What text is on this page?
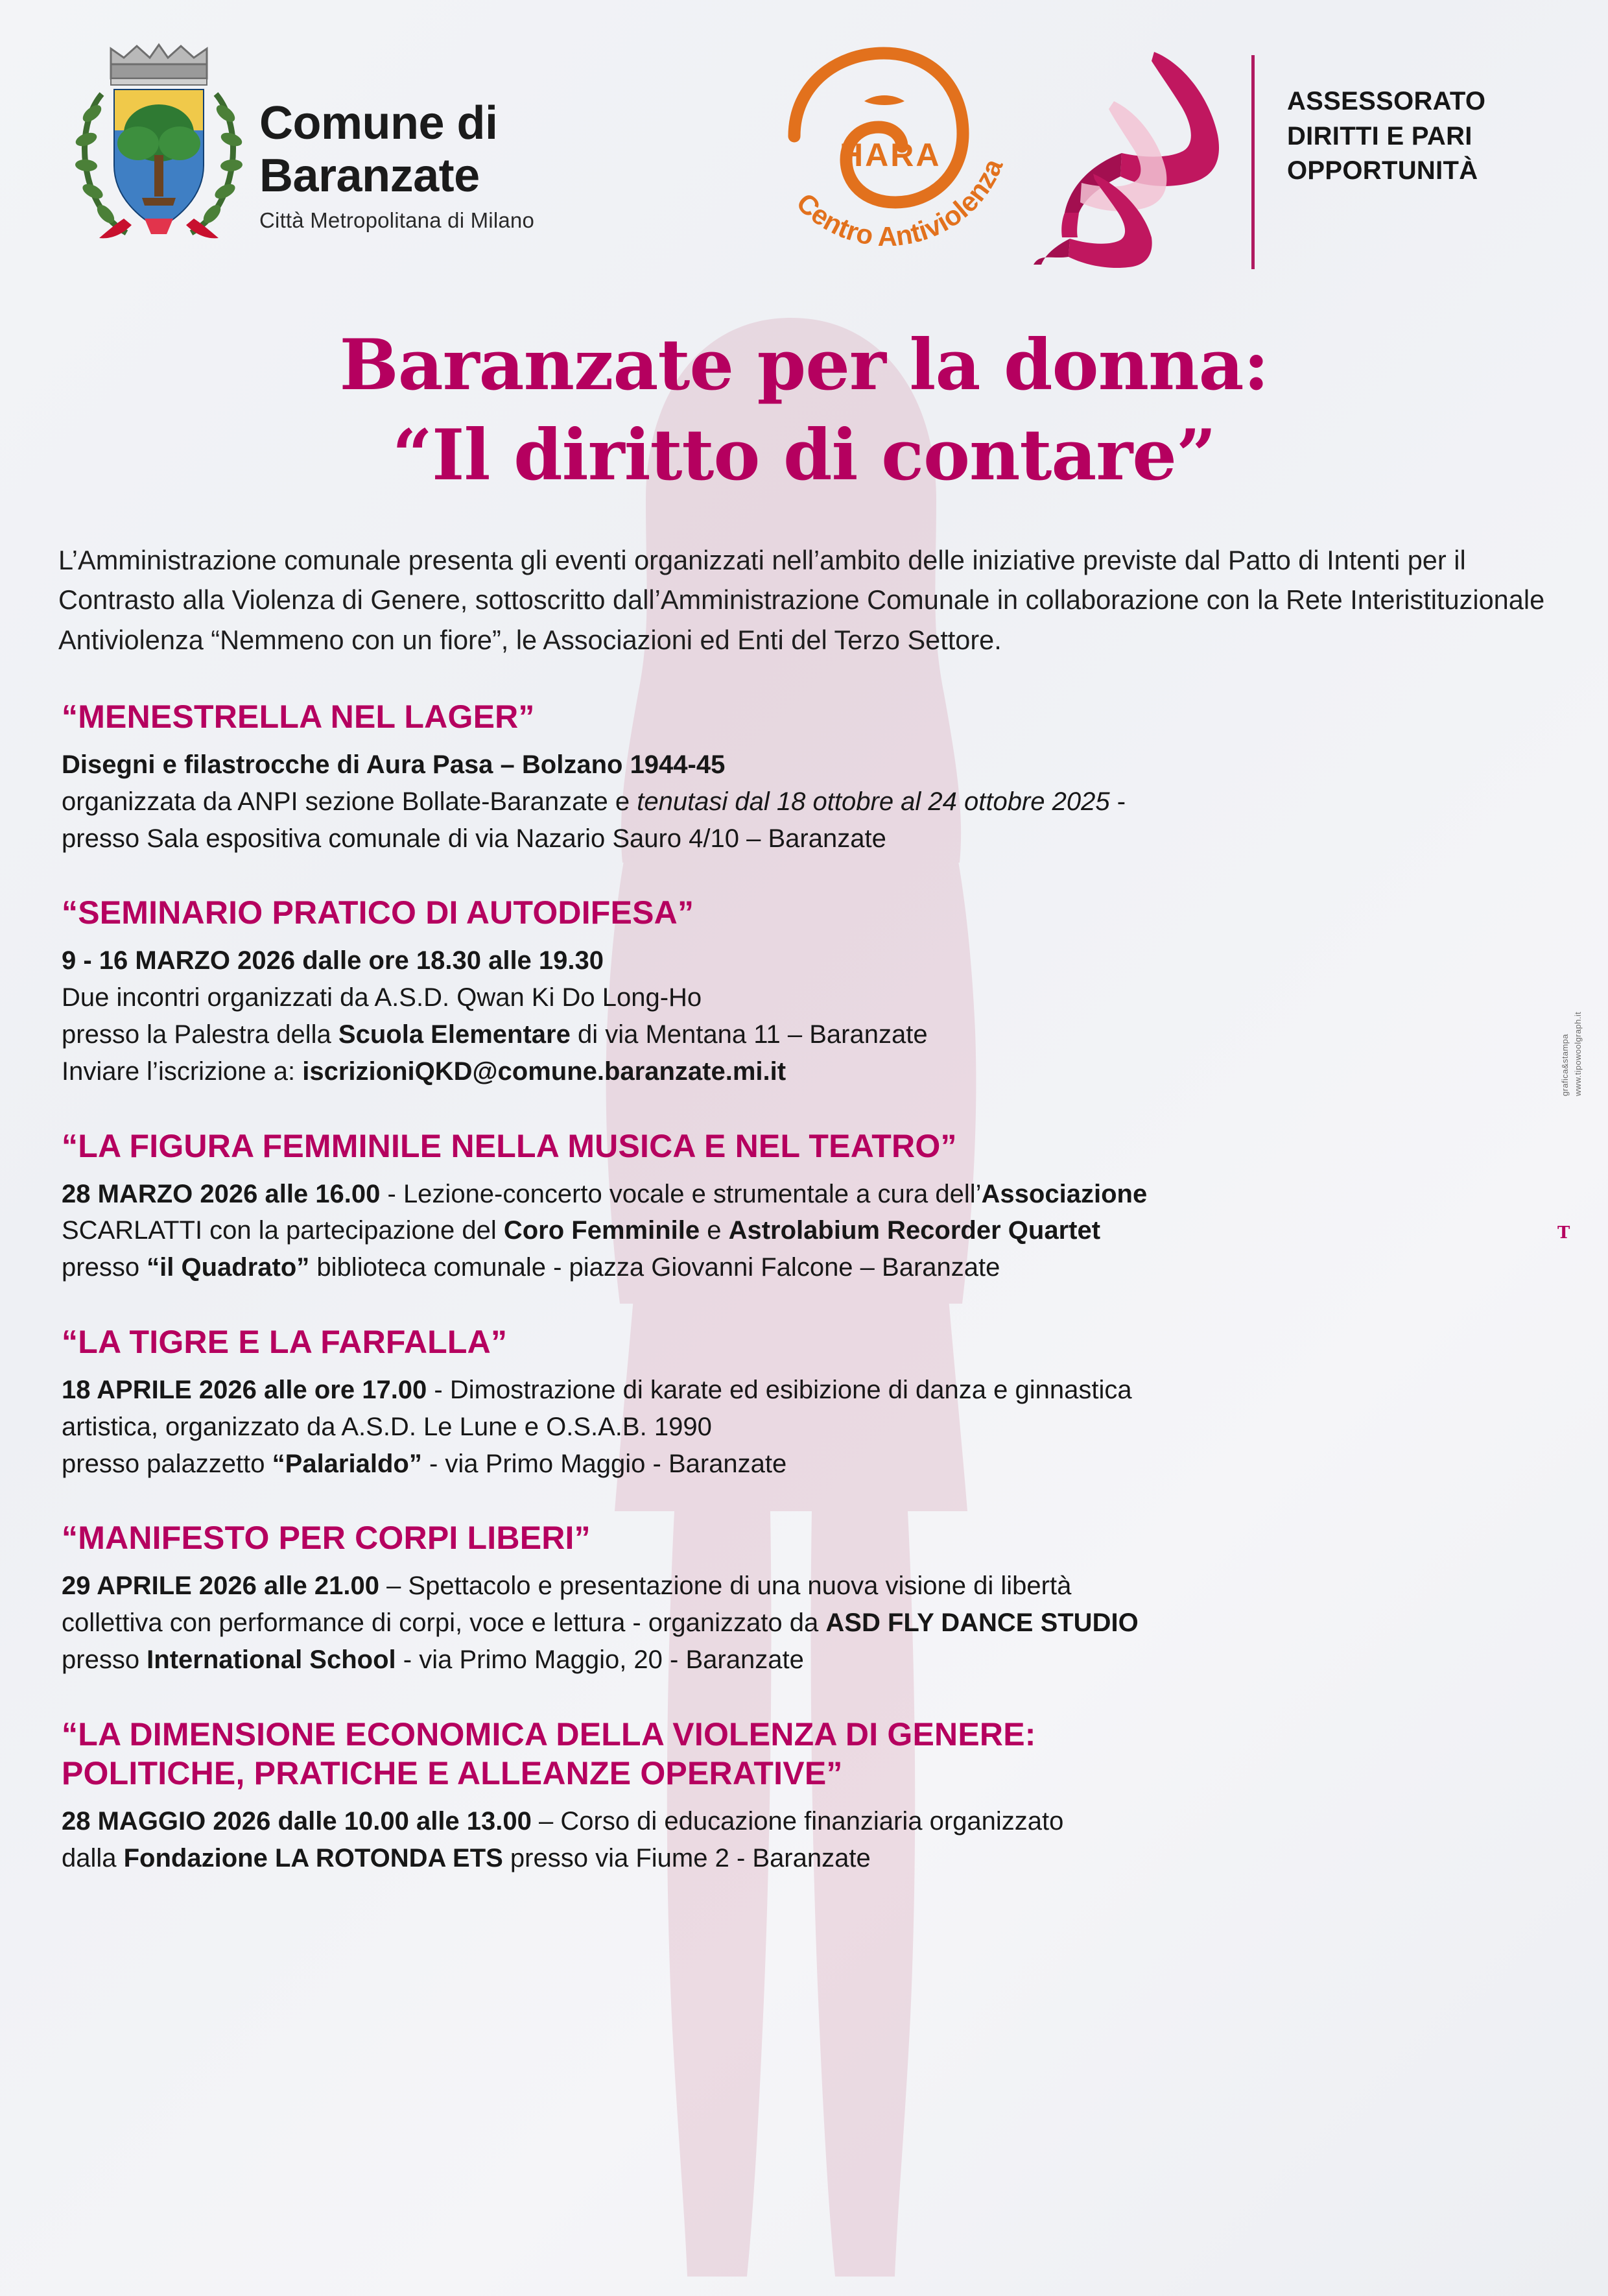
Comune di
Baranzate
Città Metropolitana di Milano
HARA
Centro Antiviolenza
ASSESSORATO
DIRITTI E PARI
OPPORTUNITÀ
Baranzate per la donna:
“Il diritto di contare”
L’Amministrazione comunale presenta gli eventi organizzati nell’ambito delle iniziative previste dal Patto di Intenti per il Contrasto alla Violenza di Genere, sottoscritto dall’Amministrazione Comunale in collaborazione con la Rete Interistituzionale Antiviolenza “Nemmeno con un fiore”, le Associazioni ed Enti del Terzo Settore.
“MENESTRELLA NEL LAGER”

Disegni e filastrocche di Aura Pasa – Bolzano 1944-45

organizzata da ANPI sezione Bollate-Baranzate e tenutasi dal 18 ottobre al 24 ottobre 2025 -

presso Sala espositiva comunale di via Nazario Sauro 4/10 – Baranzate

“SEMINARIO PRATICO DI AUTODIFESA”

9 - 16 MARZO 2026 dalle ore 18.30 alle 19.30

Due incontri organizzati da A.S.D. Qwan Ki Do Long-Ho

presso la Palestra della Scuola Elementare di via Mentana 11 – Baranzate

Inviare l’iscrizione a: iscrizioniQKD@comune.baranzate.mi.it

“LA FIGURA FEMMINILE NELLA MUSICA E NEL TEATRO”

28 MARZO 2026 alle 16.00 - Lezione-concerto vocale e strumentale a cura dell’Associazione

SCARLATTI con la partecipazione del Coro Femminile e Astrolabium Recorder Quartet

presso “il Quadrato” biblioteca comunale - piazza Giovanni Falcone – Baranzate

“LA TIGRE E LA FARFALLA”

18 APRILE 2026 alle ore 17.00 - Dimostrazione di karate ed esibizione di danza e ginnastica

artistica, organizzato da A.S.D. Le Lune e O.S.A.B. 1990

presso palazzetto “Palarialdo” - via Primo Maggio - Baranzate

“MANIFESTO PER CORPI LIBERI”

29 APRILE 2026 alle 21.00 – Spettacolo e presentazione di una nuova visione di libertà

collettiva con performance di corpi, voce e lettura - organizzato da ASD FLY DANCE STUDIO

presso International School - via Primo Maggio, 20 - Baranzate

“LA DIMENSIONE ECONOMICA DELLA VIOLENZA DI GENERE:
POLITICHE, PRATICHE E ALLEANZE OPERATIVE”

28 MAGGIO 2026 dalle 10.00 alle 13.00 – Corso di educazione finanziaria organizzato

dalla Fondazione LA ROTONDA ETS presso via Fiume 2 - Baranzate

grafica&stampa www.tipowoolgraph.it
T
